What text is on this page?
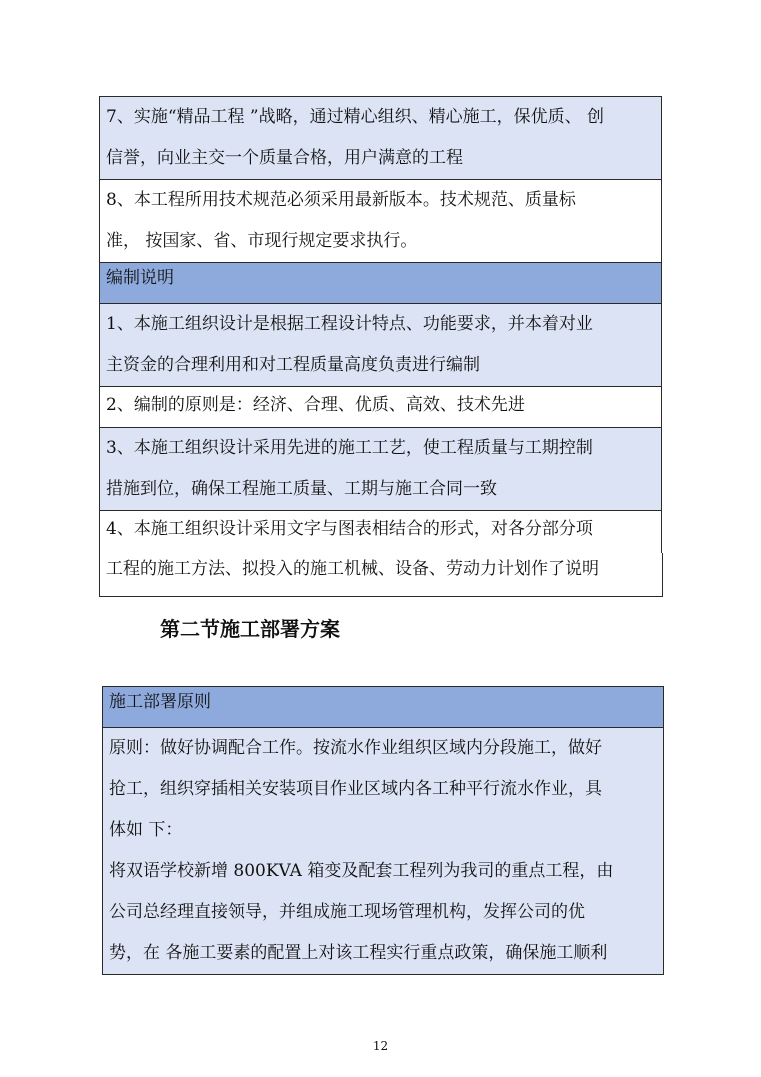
7、实施“精品工程 ”战略，通过精心组织、精心施工，保优质、 创
信誉，向业主交一个质量合格，用户满意的工程
8、本工程所用技术规范必须采用最新版本。技术规范、质量标
准， 按国家、省、市现行规定要求执行。
编制说明
1、本施工组织设计是根据工程设计特点、功能要求，并本着对业
主资金的合理利用和对工程质量高度负责进行编制
2、编制的原则是：经济、合理、优质、高效、技术先进
3、本施工组织设计采用先进的施工工艺，使工程质量与工期控制
措施到位，确保工程施工质量、工期与施工合同一致
4、本施工组织设计采用文字与图表相结合的形式，对各分部分项
工程的施工方法、拟投入的施工机械、设备、劳动力计划作了说明
第二节施工部署方案
施工部署原则
原则：做好协调配合工作。按流水作业组织区域内分段施工，做好
抢工，组织穿插相关安装项目作业区域内各工种平行流水作业，具
体如 下：
将双语学校新增 800KVA 箱变及配套工程列为我司的重点工程，由
公司总经理直接领导，并组成施工现场管理机构，发挥公司的优
势，在 各施工要素的配置上对该工程实行重点政策，确保施工顺利
12
